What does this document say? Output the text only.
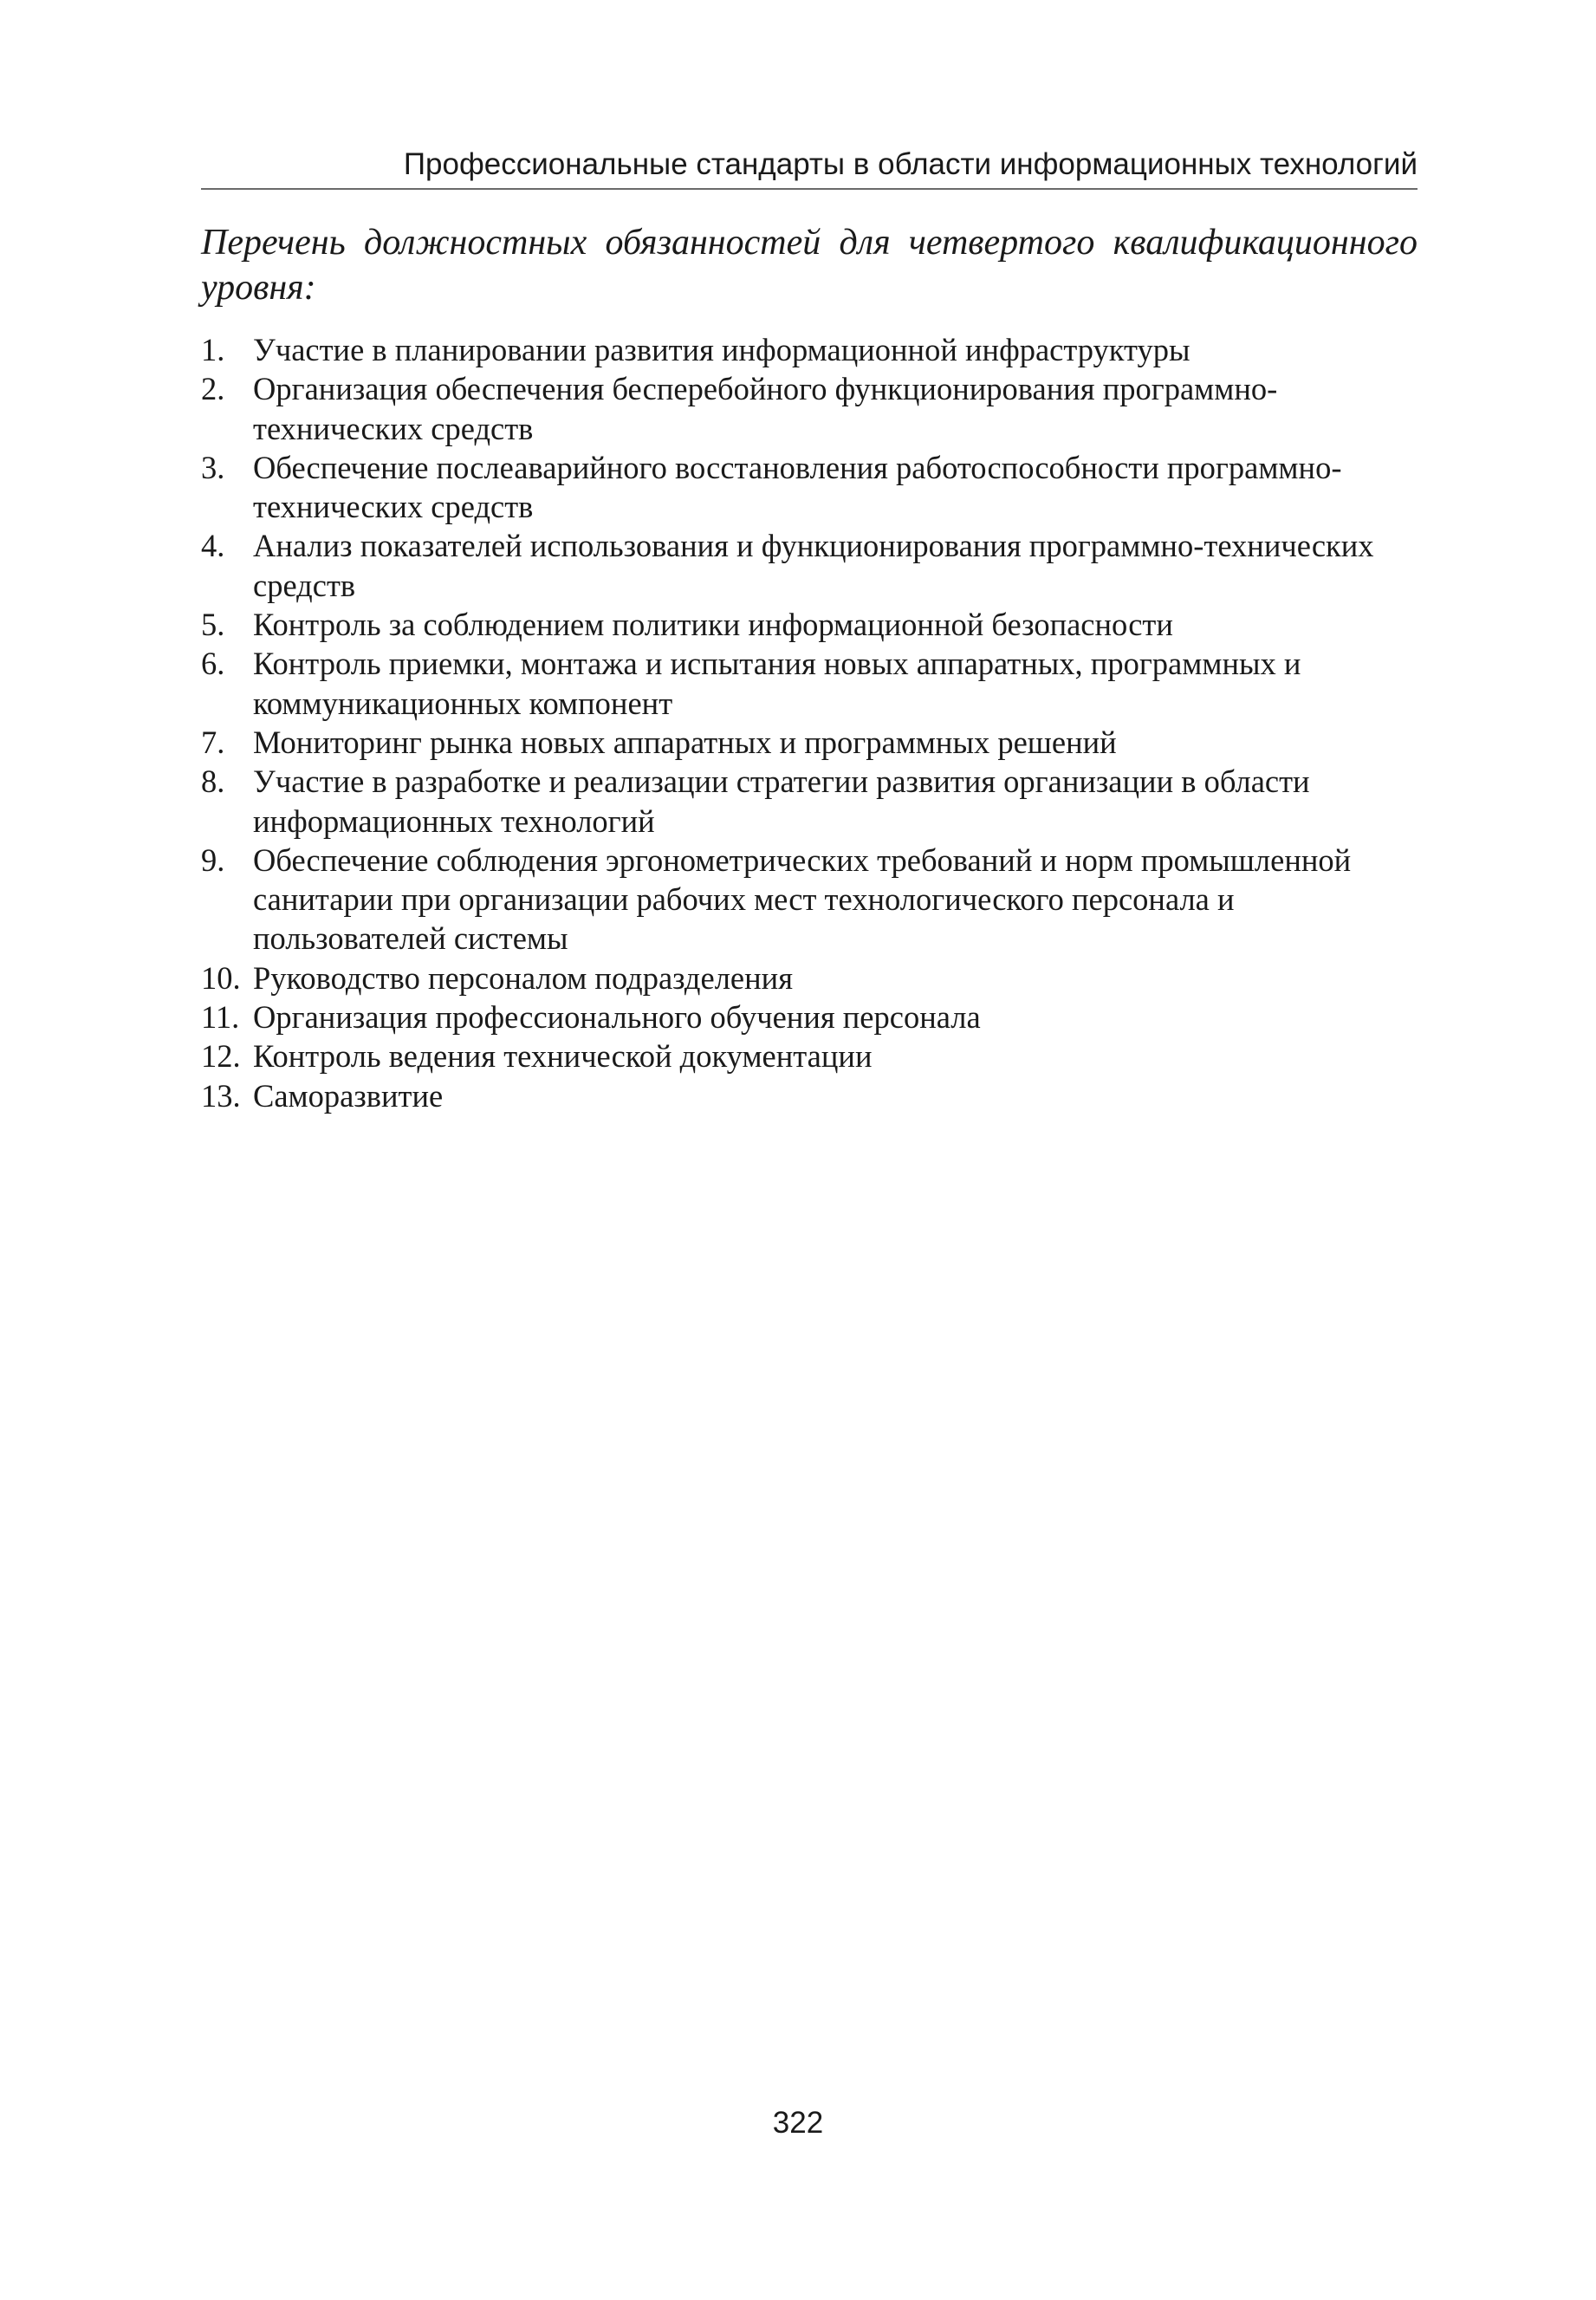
Профессиональные стандарты в области информационных технологий
Перечень должностных обязанностей для четвертого квалификационного уровня:
1. Участие в планировании развития информационной инфраструктуры
2. Организация обеспечения бесперебойного функционирования программно-технических средств
3. Обеспечение послеаварийного восстановления работоспособности программно-технических средств
4. Анализ показателей использования и функционирования программно-технических средств
5. Контроль за соблюдением политики информационной безопасности
6. Контроль приемки, монтажа и испытания новых аппаратных, программных и коммуникационных компонент
7. Мониторинг рынка новых аппаратных и программных решений
8. Участие в разработке и реализации стратегии развития организации в области информационных технологий
9. Обеспечение соблюдения эргонометрических требований и норм промышленной санитарии при организации рабочих мест технологического персонала и пользователей системы
10. Руководство персоналом подразделения
11. Организация профессионального обучения персонала
12. Контроль ведения технической документации
13. Саморазвитие
322
